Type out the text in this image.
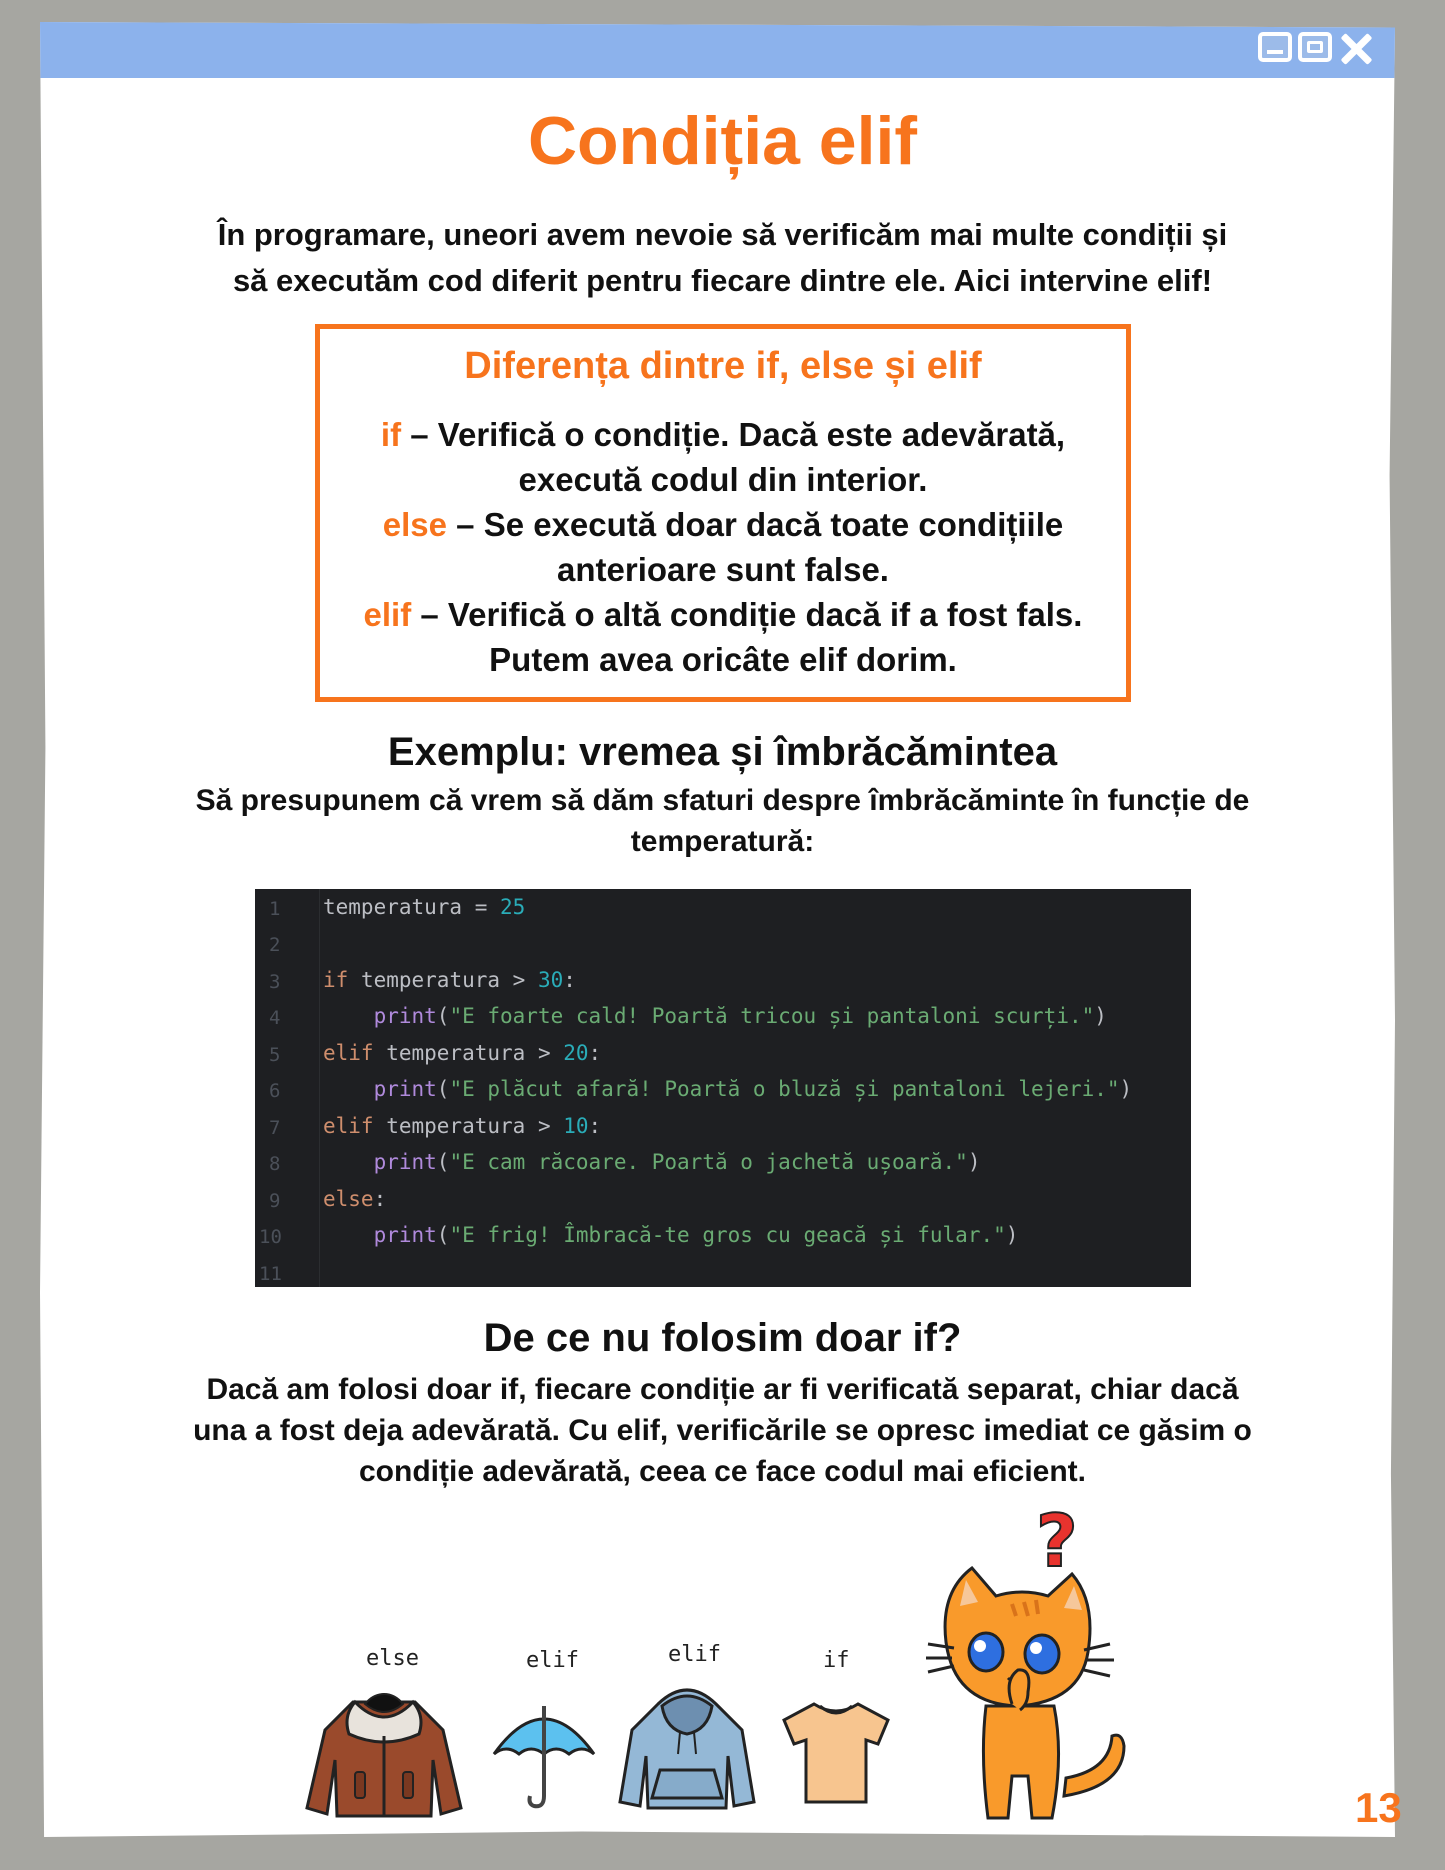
Condiția elif
În programare, uneori avem nevoie să verificăm mai multe condiții și
să executăm cod diferit pentru fiecare dintre ele. Aici intervine elif!
Diferența dintre if, else și elif
if – Verifică o condiție. Dacă este adevărată,
execută codul din interior.
else – Se execută doar dacă toate condițiile
anterioare sunt false.
elif – Verifică o altă condiție dacă if a fost fals.
Putem avea oricâte elif dorim.
Exemplu: vremea și îmbrăcămintea
Să presupunem că vrem să dăm sfaturi despre îmbrăcăminte în funcție de
temperatură:
1
2
3
4
5
6
7
8
9
10
11
temperatura = 25
if temperatura > 30:
print("E foarte cald! Poartă tricou și pantaloni scurți.")
elif temperatura > 20:
print("E plăcut afară! Poartă o bluză și pantaloni lejeri.")
elif temperatura > 10:
print("E cam răcoare. Poartă o jachetă ușoară.")
else:
print("E frig! Îmbracă-te gros cu geacă și fular.")
De ce nu folosim doar if?
Dacă am folosi doar if, fiecare condiție ar fi verificată separat, chiar dacă
una a fost deja adevărată. Cu elif, verificările se opresc imediat ce găsim o
condiție adevărată, ceea ce face codul mai eficient.
else	elif	elif	if
?
13
